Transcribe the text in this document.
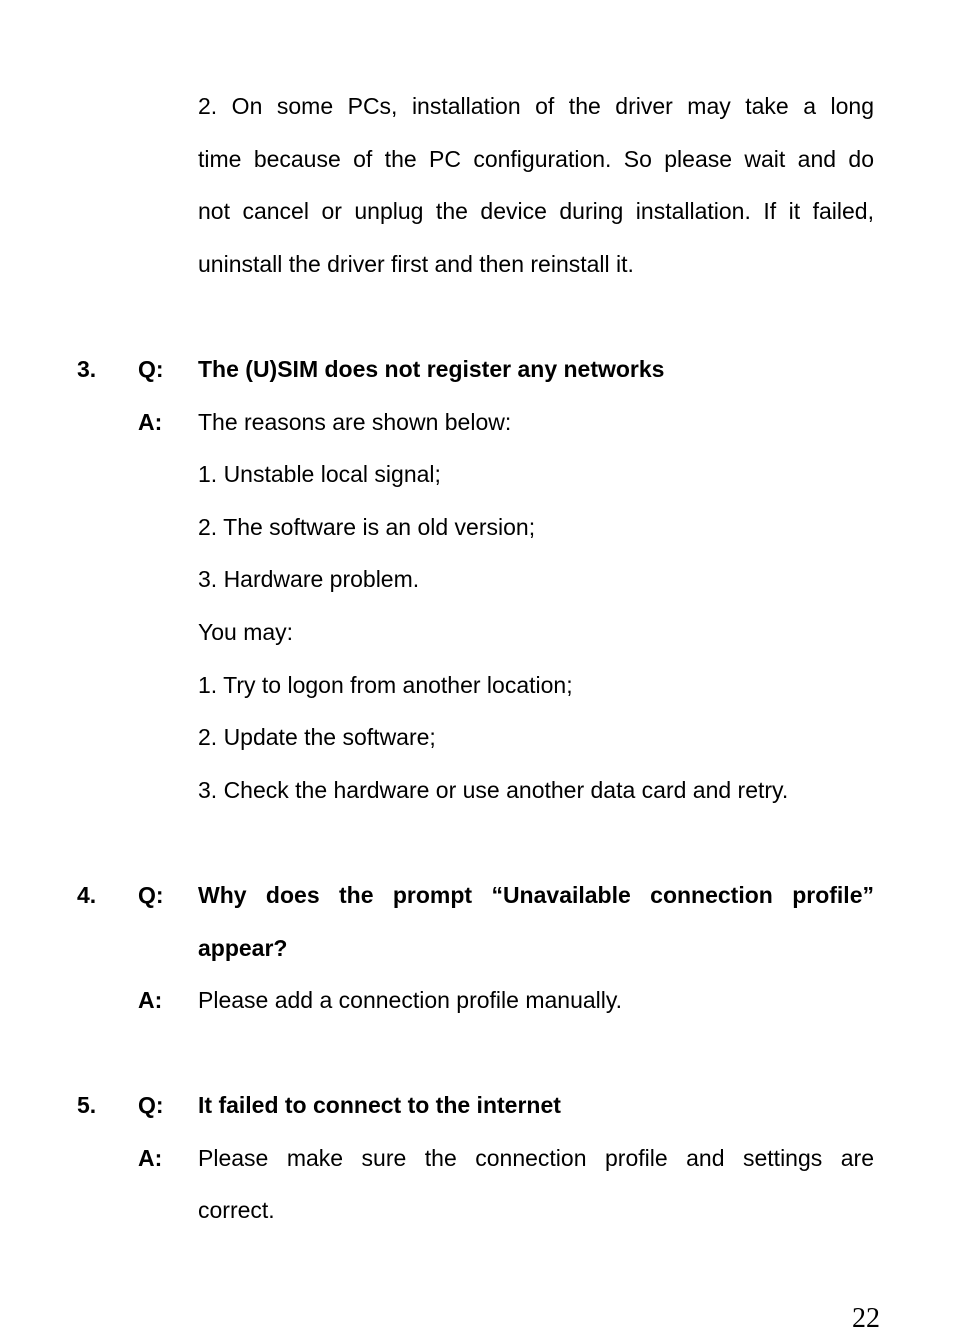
2. On some PCs, installation of the driver may take a long
time because of the PC configuration. So please wait and do
not cancel or unplug the device during installation. If it failed,
uninstall the driver first and then reinstall it.
3. Q: The (U)SIM does not register any networks
A: The reasons are shown below:
1. Unstable local signal;
2. The software is an old version;
3. Hardware problem.
You may:
1. Try to logon from another location;
2. Update the software;
3. Check the hardware or use another data card and retry.
4. Q: Why does the prompt “Unavailable connection profile”
appear?
A: Please add a connection profile manually.
5. Q: It failed to connect to the internet
A: Please make sure the connection profile and settings are
correct.
22
